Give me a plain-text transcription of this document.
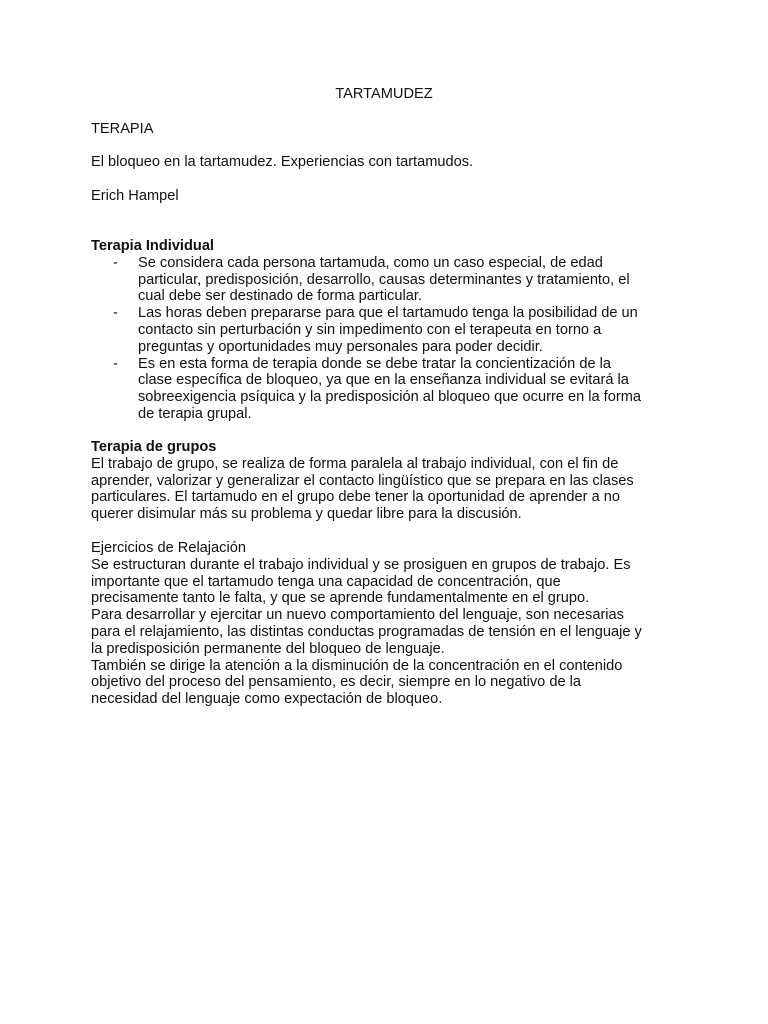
TARTAMUDEZ
TERAPIA
El bloqueo en la tartamudez. Experiencias con tartamudos.
Erich Hampel
Terapia Individual
- Se considera cada persona tartamuda, como un caso especial, de edad
particular, predisposición, desarrollo, causas determinantes y tratamiento, el
cual debe ser destinado de forma particular.
- Las horas deben prepararse para que el tartamudo tenga la posibilidad de un
contacto sin perturbación y sin impedimento con el terapeuta en torno a
preguntas y oportunidades muy personales para poder decidir.
- Es en esta forma de terapia donde se debe tratar la concientización de la
clase específica de bloqueo, ya que en la enseñanza individual se evitará la
sobreexigencia psíquica y la predisposición al bloqueo que ocurre en la forma
de terapia grupal.
Terapia de grupos
El trabajo de grupo, se realiza de forma paralela al trabajo individual, con el fin de
aprender, valorizar y generalizar el contacto lingüístico que se prepara en las clases
particulares. El tartamudo en el grupo debe tener la oportunidad de aprender a no
querer disimular más su problema y quedar libre para la discusión.
Ejercicios de Relajación
Se estructuran durante el trabajo individual y se prosiguen en grupos de trabajo. Es
importante que el tartamudo tenga una capacidad de concentración, que
precisamente tanto le falta, y que se aprende fundamentalmente en el grupo.
Para desarrollar y ejercitar un nuevo comportamiento del lenguaje, son necesarias
para el relajamiento, las distintas conductas programadas de tensión en el lenguaje y
la predisposición permanente del bloqueo de lenguaje.
También se dirige la atención a la disminución de la concentración en el contenido
objetivo del proceso del pensamiento, es decir, siempre en lo negativo de la
necesidad del lenguaje como expectación de bloqueo.
